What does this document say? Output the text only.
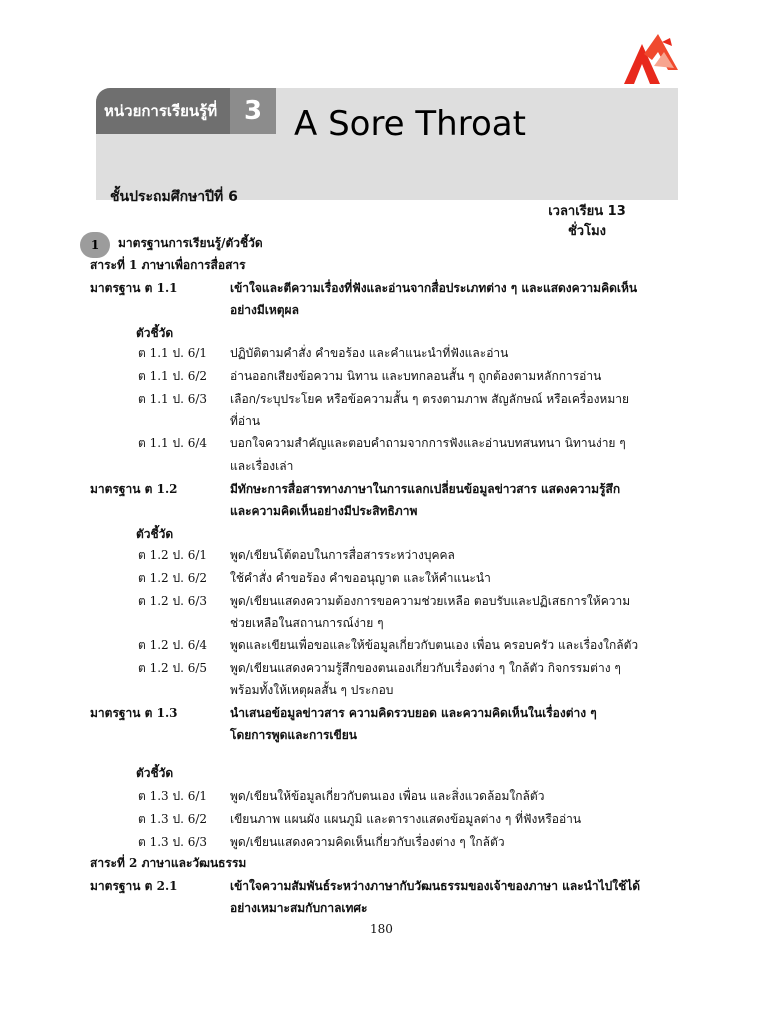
หน่วยการเรียนรู้ที่	3 A Sore Throat
ชั้นประถมศึกษาปีที่ 6
เวลาเรียน 13
ชั่วโมง
1	มาตรฐานการเรียนรู้/ตัวชี้วัด
สาระที่ 1 ภาษาเพื่อการสื่อสาร
มาตรฐาน ต 1.1	เข้าใจและตีความเรื่องที่ฟังและอ่านจากสื่อประเภทต่าง ๆ และแสดงความคิดเห็น
อย่างมีเหตุผล
ตัวชี้วัด
ต 1.1 ป. 6/1 ปฏิบัติตามคำสั่ง คำขอร้อง และคำแนะนำที่ฟังและอ่าน
ต 1.1 ป. 6/2 อ่านออกเสียงข้อความ นิทาน และบทกลอนสั้น ๆ ถูกต้องตามหลักการอ่าน
ต 1.1 ป. 6/3 เลือก/ระบุประโยค หรือข้อความสั้น ๆ ตรงตามภาพ สัญลักษณ์ หรือเครื่องหมาย
ที่อ่าน
ต 1.1 ป. 6/4 บอกใจความสำคัญและตอบคำถามจากการฟังและอ่านบทสนทนา นิทานง่าย ๆ
และเรื่องเล่า
มาตรฐาน ต 1.2	มีทักษะการสื่อสารทางภาษาในการแลกเปลี่ยนข้อมูลข่าวสาร แสดงความรู้สึก
และความคิดเห็นอย่างมีประสิทธิภาพ
ตัวชี้วัด
ต 1.2 ป. 6/1 พูด/เขียนโต้ตอบในการสื่อสารระหว่างบุคคล
ต 1.2 ป. 6/2 ใช้คำสั่ง คำขอร้อง คำขออนุญาต และให้คำแนะนำ
ต 1.2 ป. 6/3 พูด/เขียนแสดงความต้องการขอความช่วยเหลือ ตอบรับและปฏิเสธการให้ความ
ช่วยเหลือในสถานการณ์ง่าย ๆ
ต 1.2 ป. 6/4 พูดและเขียนเพื่อขอและให้ข้อมูลเกี่ยวกับตนเอง เพื่อน ครอบครัว และเรื่องใกล้ตัว
ต 1.2 ป. 6/5 พูด/เขียนแสดงความรู้สึกของตนเองเกี่ยวกับเรื่องต่าง ๆ ใกล้ตัว กิจกรรมต่าง ๆ
พร้อมทั้งให้เหตุผลสั้น ๆ ประกอบ
มาตรฐาน ต 1.3	นำเสนอข้อมูลข่าวสาร ความคิดรวบยอด และความคิดเห็นในเรื่องต่าง ๆ
โดยการพูดและการเขียน
ตัวชี้วัด
ต 1.3 ป. 6/1 พูด/เขียนให้ข้อมูลเกี่ยวกับตนเอง เพื่อน และสิ่งแวดล้อมใกล้ตัว
ต 1.3 ป. 6/2 เขียนภาพ แผนผัง แผนภูมิ และตารางแสดงข้อมูลต่าง ๆ ที่ฟังหรืออ่าน
ต 1.3 ป. 6/3 พูด/เขียนแสดงความคิดเห็นเกี่ยวกับเรื่องต่าง ๆ ใกล้ตัว
สาระที่ 2 ภาษาและวัฒนธรรม
มาตรฐาน ต 2.1	เข้าใจความสัมพันธ์ระหว่างภาษากับวัฒนธรรมของเจ้าของภาษา และนำไปใช้ได้
อย่างเหมาะสมกับกาลเทศะ
180
